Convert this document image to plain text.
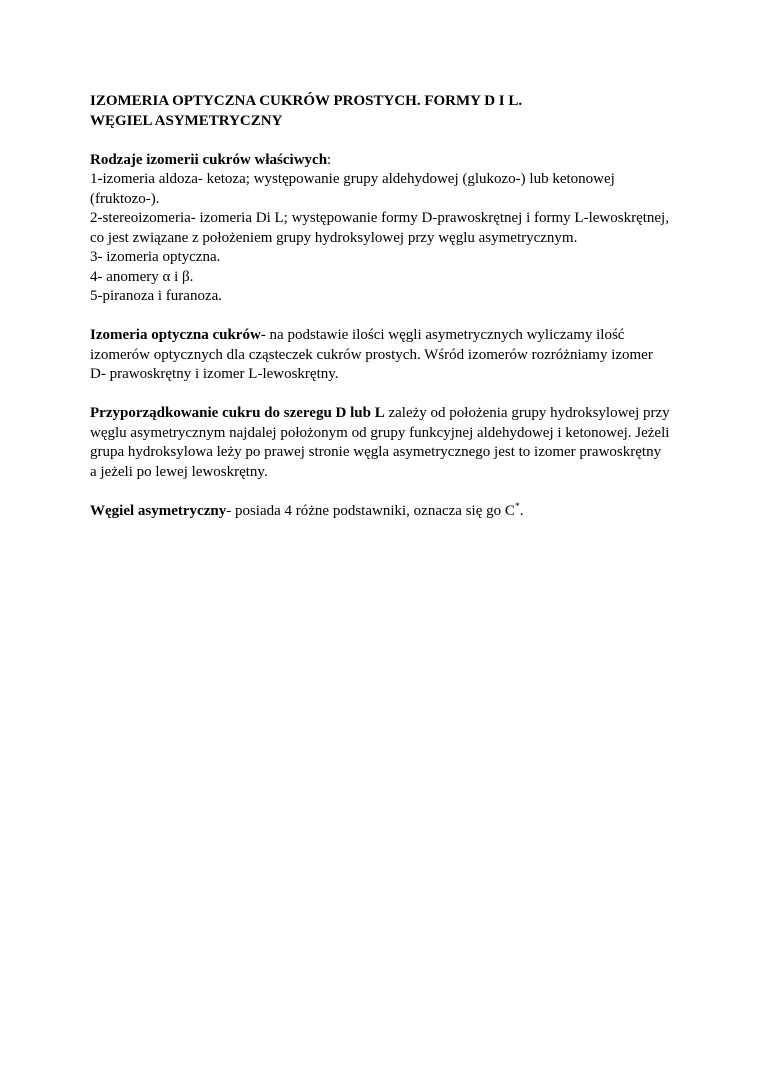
IZOMERIA OPTYCZNA CUKRÓW PROSTYCH. FORMY D I L.
WĘGIEL ASYMETRYCZNY
Rodzaje izomerii cukrów właściwych:
1-izomeria aldoza- ketoza; występowanie grupy aldehydowej (glukozo-) lub ketonowej (fruktozo-).
2-stereoizomeria- izomeria Di L; występowanie formy D-prawoskrętnej i formy L-lewoskrętnej, co jest związane z położeniem grupy hydroksylowej przy węglu asymetrycznym.
3- izomeria optyczna.
4- anomery α i β.
5-piranoza i furanoza.

Izomeria optyczna cukrów- na podstawie ilości węgli asymetrycznych wyliczamy ilość izomerów optycznych dla cząsteczek cukrów prostych. Wśród izomerów rozróżniamy izomer D- prawoskrętny i izomer L-lewoskrętny.

Przyporządkowanie cukru do szeregu D lub L zależy od położenia grupy hydroksylowej przy węglu asymetrycznym najdalej położonym od grupy funkcyjnej aldehydowej i ketonowej. Jeżeli grupa hydroksylowa leży po prawej stronie węgla asymetrycznego jest to izomer prawoskrętny a jeżeli po lewej lewoskrętny.

Węgiel asymetryczny- posiada 4 różne podstawniki, oznacza się go C*.
